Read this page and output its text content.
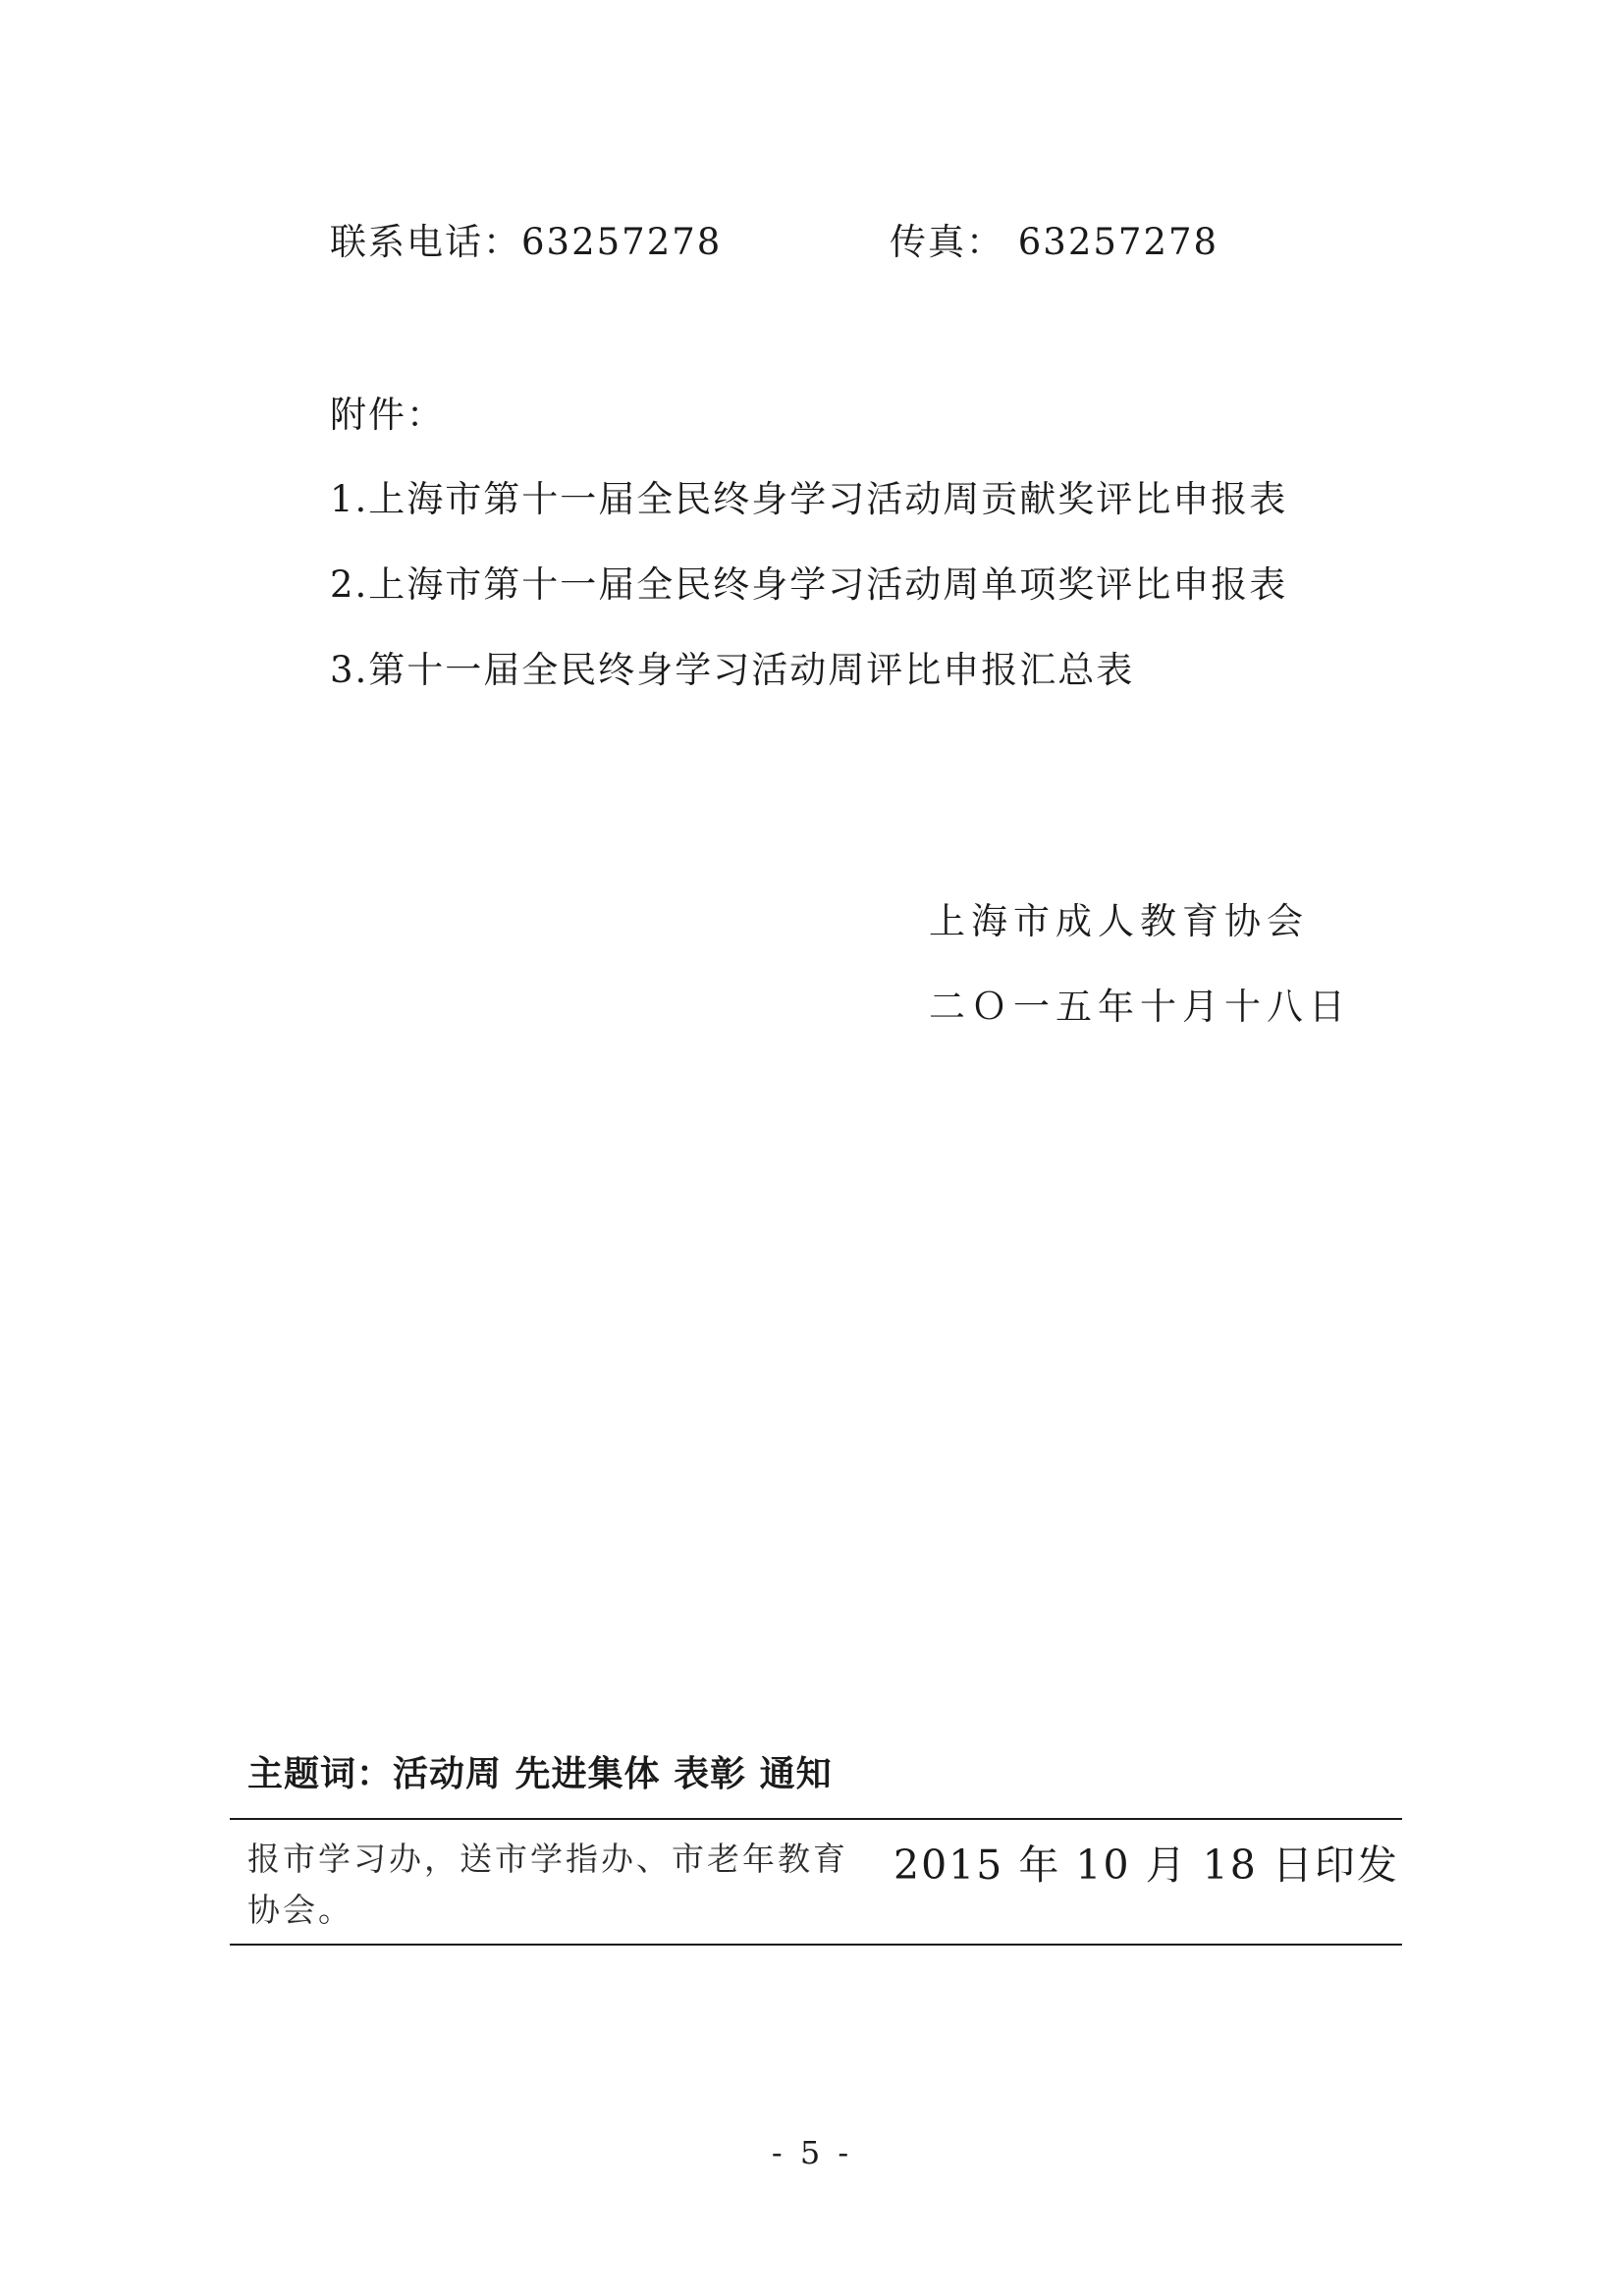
联系电话：63257278	传真： 63257278
附件：
1.上海市第十一届全民终身学习活动周贡献奖评比申报表
2.上海市第十一届全民终身学习活动周单项奖评比申报表
3.第十一届全民终身学习活动周评比申报汇总表
上海市成人教育协会
二Ｏ一五年十月十八日
主题词：活动周 先进集体 表彰 通知
报市学习办，送市学指办、市老年教育协会。
2015 年 10 月 18 日印发
- 5 -
